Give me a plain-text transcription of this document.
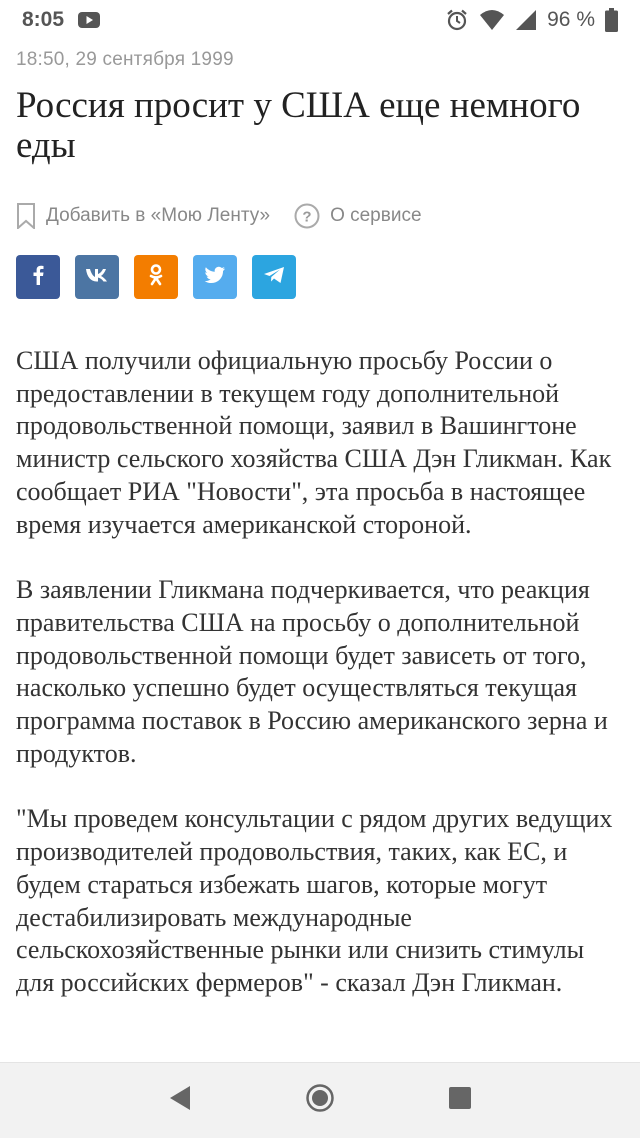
8:05	96 %
18:50, 29 сентября 1999
Россия просит у США еще немного еды
Добавить в «Мою Ленту» ? О сервисе

США получили официальную просьбу России о предоставлении в текущем году дополнительной продовольственной помощи, заявил в Вашингтоне министр сельского хозяйства США Дэн Гликман. Как сообщает РИА "Новости", эта просьба в настоящее время изучается американской стороной.

В заявлении Гликмана подчеркивается, что реакция правительства США на просьбу о дополнительной продовольственной помощи будет зависеть от того, насколько успешно будет осуществляться текущая программа поставок в Россию американского зерна и продуктов.

"Мы проведем консультации с рядом других ведущих производителей продовольствия, таких, как ЕС, и будем стараться избежать шагов, которые могут дестабилизировать международные сельскохозяйственные рынки или снизить стимулы для российских фермеров" - сказал Дэн Гликман.
